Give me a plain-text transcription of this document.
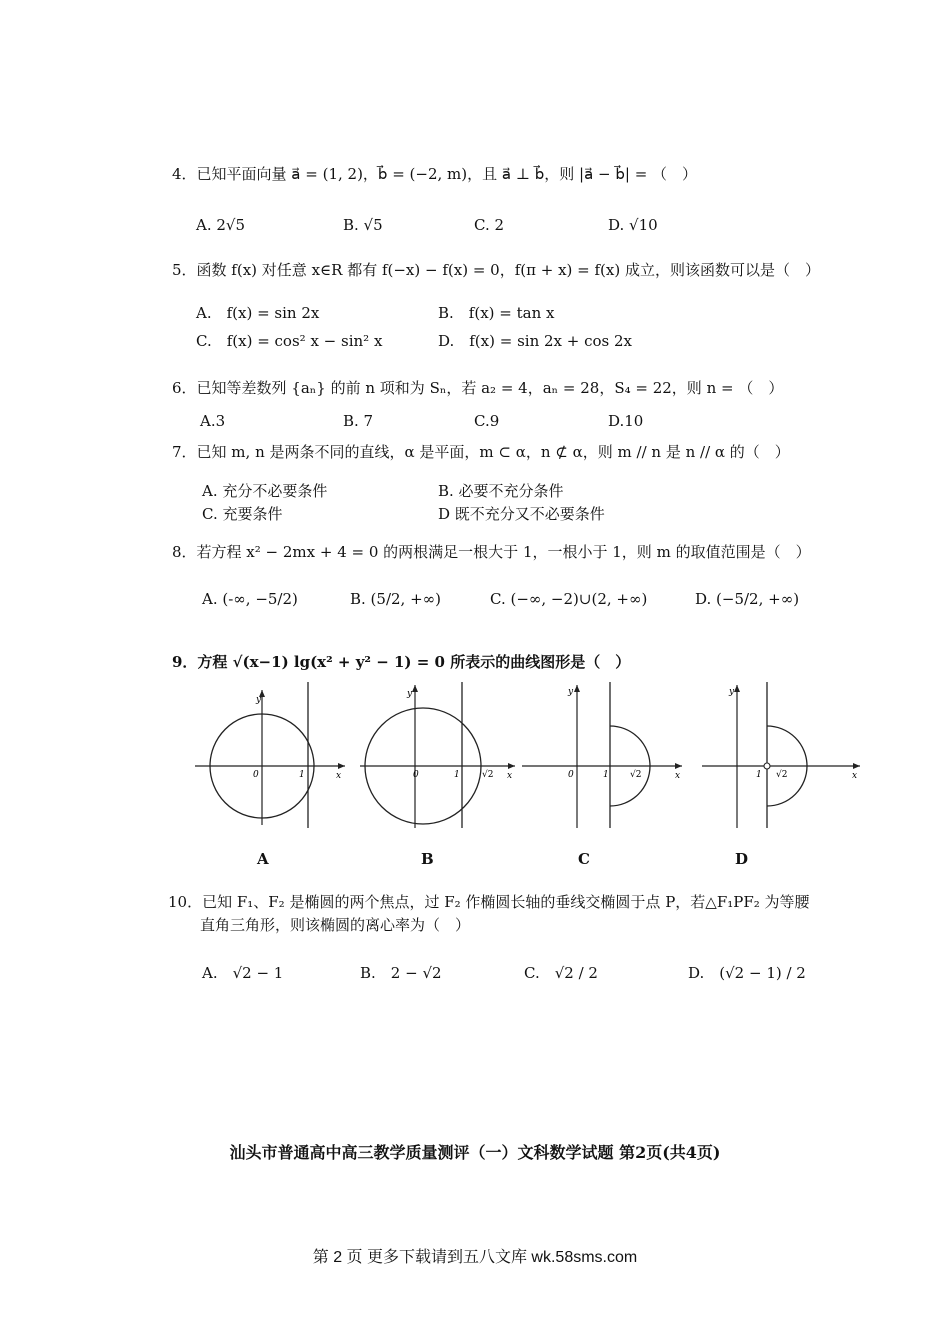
4．已知平面向量 a⃗ = (1, 2)，b⃗ = (−2, m)，且 a⃗ ⊥ b⃗，则 |a⃗ − b⃗| = （　）
A. 2√5	B. √5	C. 2	D. √10
5．函数 f(x) 对任意 x∈R 都有 f(−x) − f(x) = 0，f(π + x) = f(x) 成立，则该函数可以是（　）
A.　f(x) = sin 2x	B.　f(x) = tan x
C.　f(x) = cos² x − sin² x	D.　f(x) = sin 2x + cos 2x
6．已知等差数列 {aₙ} 的前 n 项和为 Sₙ，若 a₂ = 4，aₙ = 28，S₄ = 22，则 n = （　）
A.3	B. 7	C.9	D.10
7．已知 m, n 是两条不同的直线，α 是平面，m ⊂ α，n ⊄ α，则 m // n 是 n // α 的（　）
A. 充分不必要条件	B. 必要不充分条件
C. 充要条件	D 既不充分又不必要条件
8．若方程 x² − 2mx + 4 = 0 的两根满足一根大于 1，一根小于 1，则 m 的取值范围是（　）
A. (-∞, −5/2)	B. (5/2, +∞)	C. (−∞, −2)∪(2, +∞)	D. (−5/2, +∞)
9．方程 √(x−1) lg(x² + y² − 1) = 0 所表示的曲线图形是（　）
y
x
0	1
A
y
x
0	1 √2
B
y
x
0	1 √2
C
y
x
1 √2
D
10．已知 F₁、F₂ 是椭圆的两个焦点，过 F₂ 作椭圆长轴的垂线交椭圆于点 P，若△F₁PF₂ 为等腰
直角三角形，则该椭圆的离心率为（　）
A.　√2 − 1	B.　2 − √2	C.　√2 / 2	D.　(√2 − 1) / 2
汕头市普通高中高三教学质量测评（一）文科数学试题 第2页(共4页)
第 2 页 更多下载请到五八文库 wk.58sms.com
